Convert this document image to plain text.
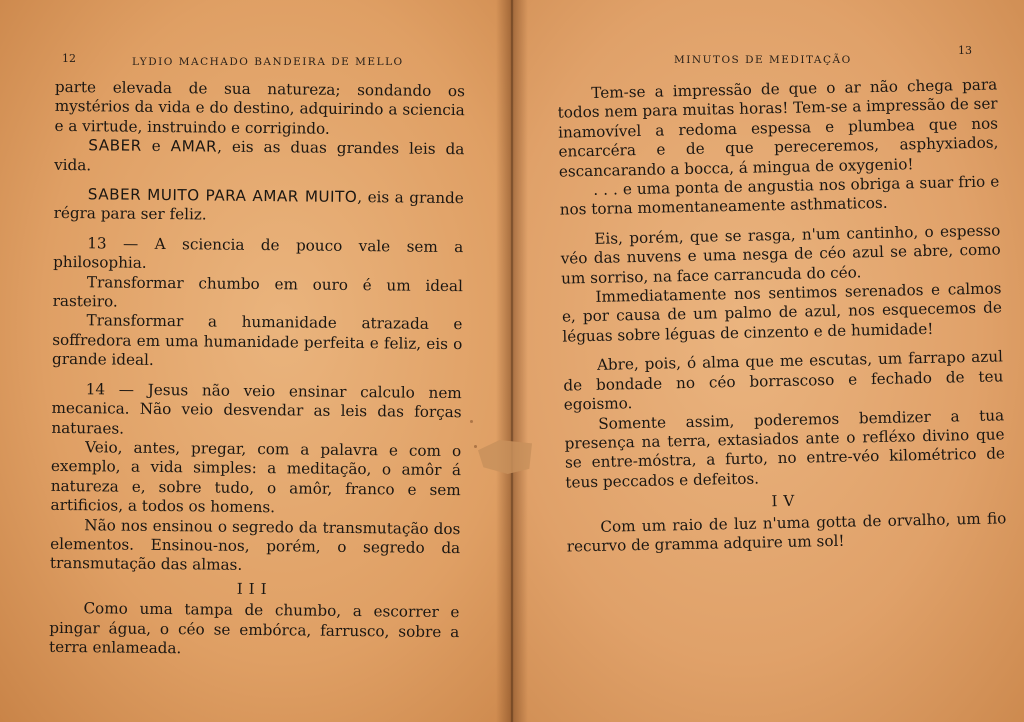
12	LYDIO MACHADO BANDEIRA DE MELLO

parte elevada de sua natureza; sondando os mystérios da vida e do destino, adquirindo a sciencia e a virtude, instruindo e corrigindo.

SABER e AMAR, eis as duas grandes leis da vida.

SABER MUITO PARA AMAR MUITO, eis a grande régra para ser feliz.

13 — A sciencia de pouco vale sem a philosophia.

Transformar chumbo em ouro é um ideal rasteiro.

Transformar a humanidade atrazada e soffredora em uma humanidade perfeita e feliz, eis o grande ideal.

14 — Jesus não veio ensinar calculo nem mecanica. Não veio desvendar as leis das forças naturaes.

Veio, antes, pregar, com a palavra e com o exemplo, a vida simples: a meditação, o amôr á natureza e, sobre tudo, o amôr, franco e sem artificios, a todos os homens.

Não nos ensinou o segredo da transmutação dos elementos. Ensinou-nos, porém, o segredo da transmutação das almas.

III

Como uma tampa de chumbo, a escorrer e pingar água, o céo se embórca, farrusco, sobre a terra enlameada.

MINUTOS DE MEDITAÇÃO
13

Tem-se a impressão de que o ar não chega para todos nem para muitas horas! Tem-se a impressão de ser inamovível a redoma espessa e plumbea que nos encarcéra e de que pereceremos, asphyxiados, escancarando a bocca, á mingua de oxygenio!

. . . e uma ponta de angustia nos obriga a suar frio e nos torna momentaneamente asthmaticos.

Eis, porém, que se rasga, n'um cantinho, o espesso véo das nuvens e uma nesga de céo azul se abre, como um sorriso, na face carrancuda do céo.

Immediatamente nos sentimos serenados e calmos e, por causa de um palmo de azul, nos esquecemos de léguas sobre léguas de cinzento e de humidade!

Abre, pois, ó alma que me escutas, um farrapo azul de bondade no céo borrascoso e fechado de teu egoismo.

Somente assim, poderemos bemdizer a tua presença na terra, extasiados ante o refléxo divino que se entre-móstra, a furto, no entre-véo kilométrico de teus peccados e defeitos.

IV

Com um raio de luz n'uma gotta de orvalho, um fio recurvo de gramma adquire um sol!
